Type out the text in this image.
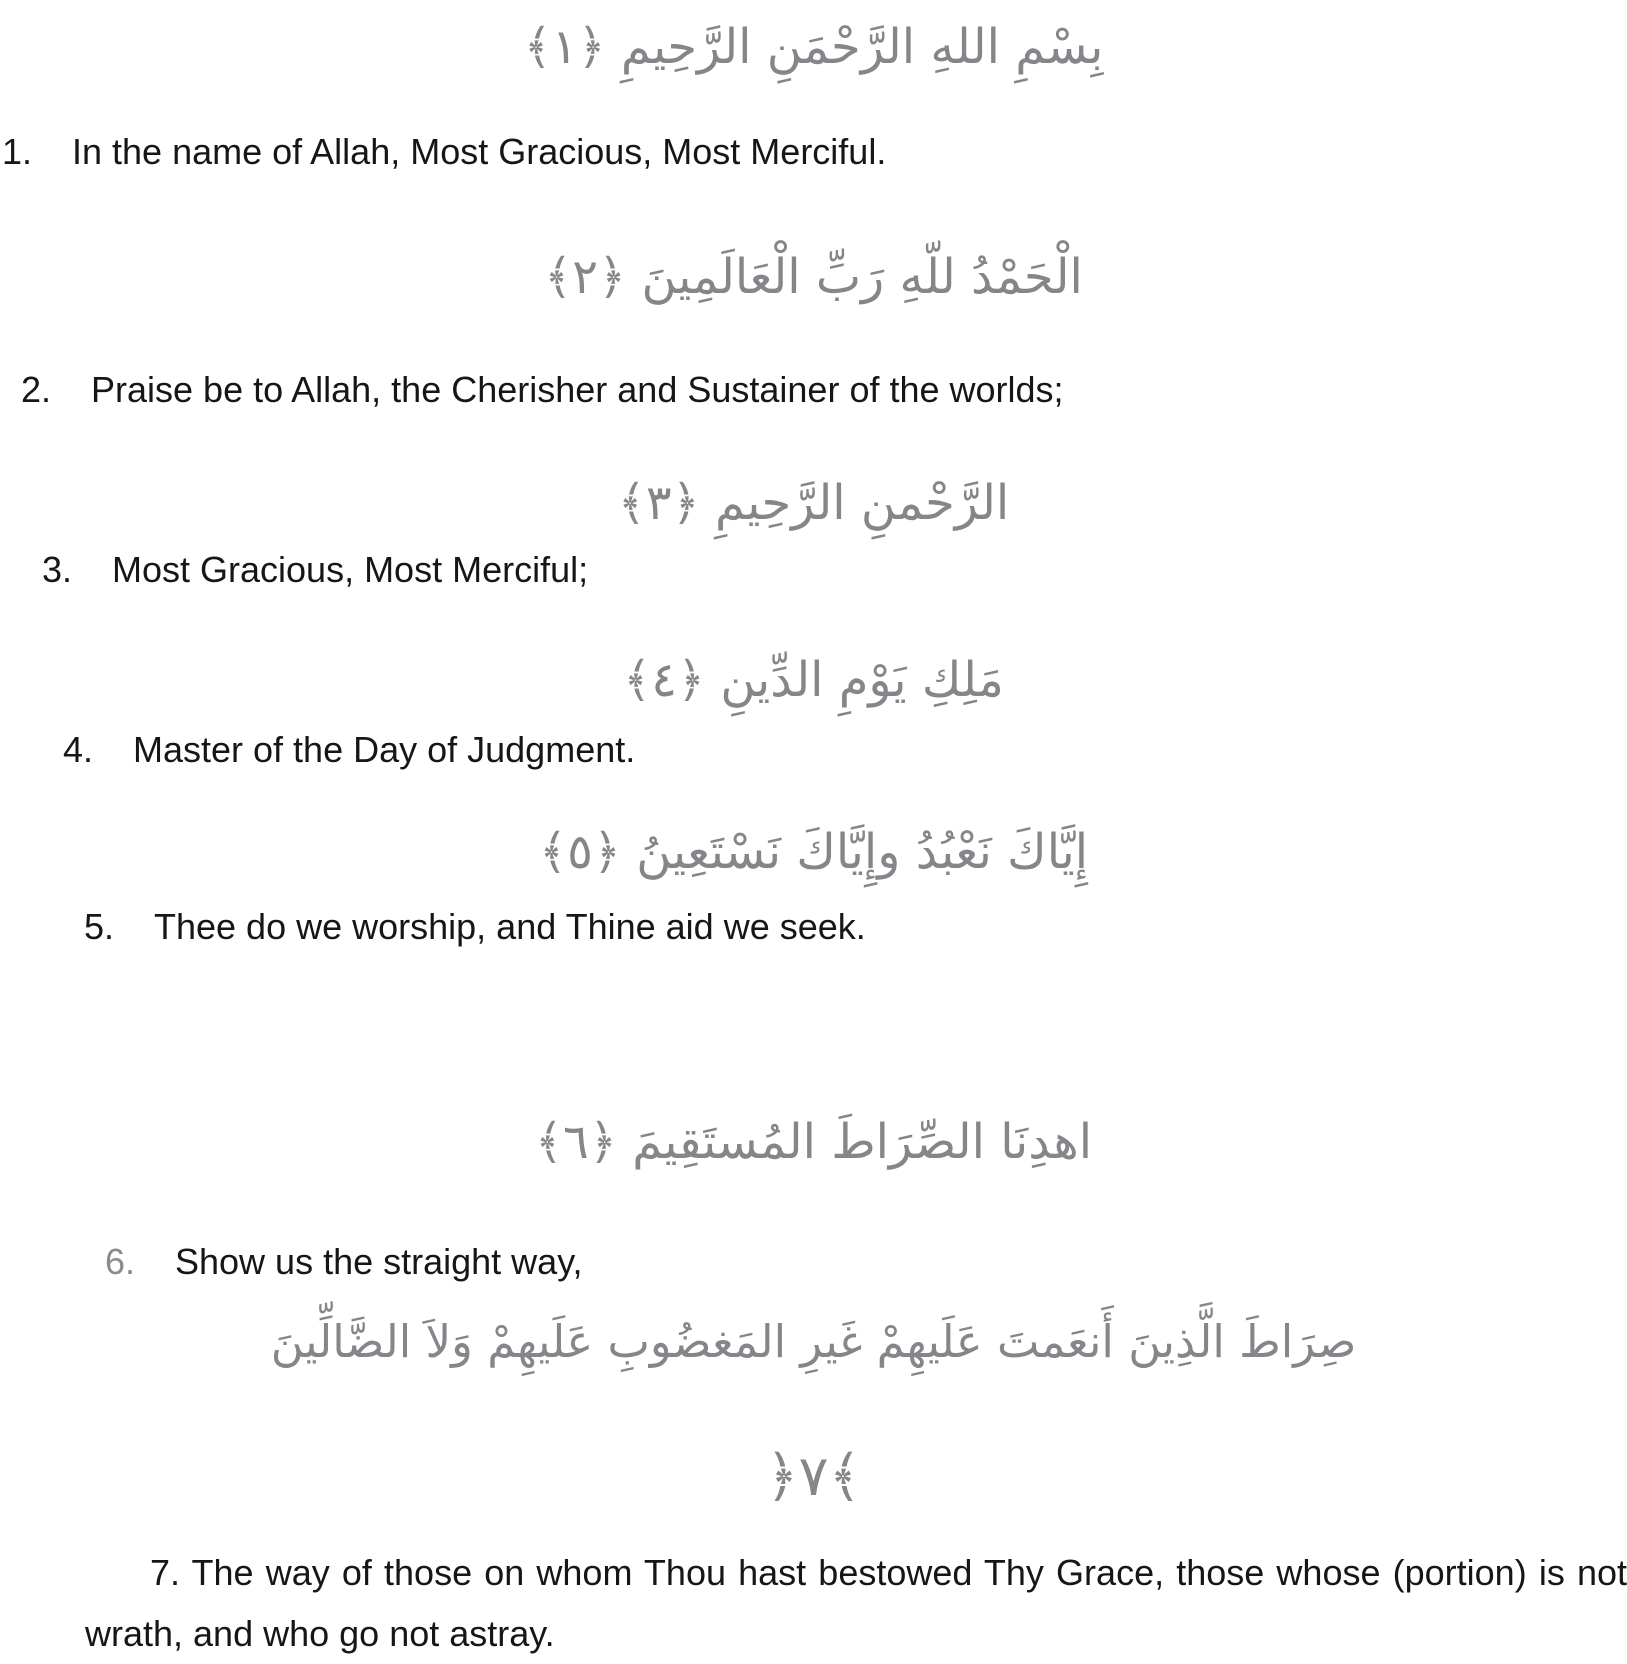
بِسْمِ اللهِ الرَّحْمَنِ الرَّحِيمِ ﴿١﴾

1. In the name of Allah, Most Gracious, Most Merciful.

الْحَمْدُ للّهِ رَبِّ الْعَالَمِينَ ﴿٢﴾

2. Praise be to Allah, the Cherisher and Sustainer of the worlds;

الرَّحْمنِ الرَّحِيمِ ﴿٣﴾

3. Most Gracious, Most Merciful;

مَلِكِ يَوْمِ الدِّينِ ﴿٤﴾

4. Master of the Day of Judgment.

إِيَّاكَ نَعْبُدُ وإِيَّاكَ نَسْتَعِينُ ﴿٥﴾

5. Thee do we worship, and Thine aid we seek.

اهدِنَا الصِّرَاطَ المُستَقِيمَ ﴿٦﴾

6. Show us the straight way,

صِرَاطَ الَّذِينَ أَنعَمتَ عَلَيهِمْ غَيرِ المَغضُوبِ عَلَيهِمْ وَلاَ الضَّالِّينَ

﴿٧﴾

7. The way of those on whom Thou hast bestowed Thy Grace, those whose (portion) is not wrath, and who go not astray.
